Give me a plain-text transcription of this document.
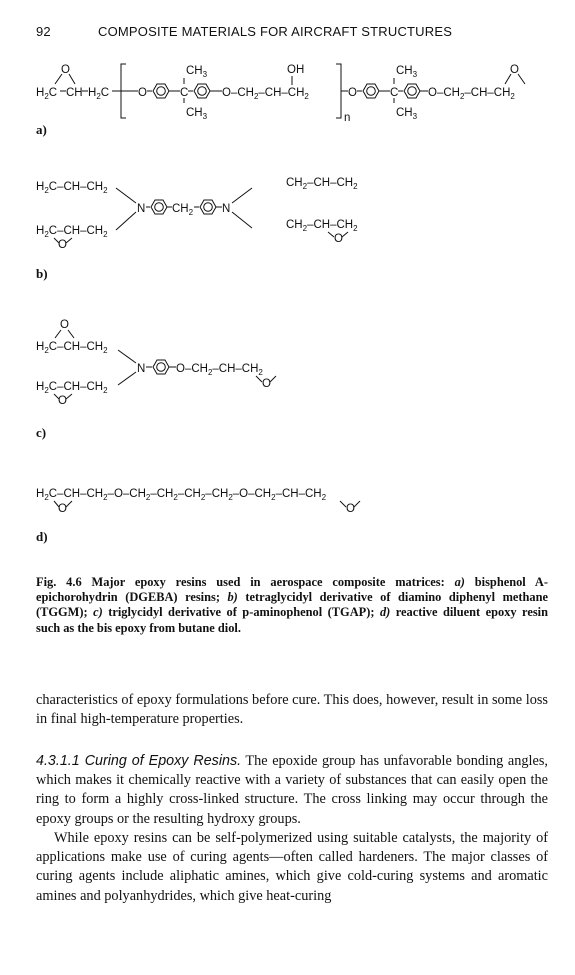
92	COMPOSITE MATERIALS FOR AIRCRAFT STRUCTURES
$H_2C$ CH
O
$H_2C$	O	C
$CH_3$
$CH_3$
$O-CH_2-CH-CH_2$
OH
n
O	C
$CH_3$
$CH_3$
$O-CH_2-CH-CH_2$
O
a)
$H_2C-CH-CH_2$
$H_2C-CH-CH_2$
O
N $CH_2$	N
$CH_2-CH-CH_2$
$CH_2-CH-CH_2$
O
b)
O
$H_2C-CH-CH_2$
$H_2C-CH-CH_2$
O
N	$O-CH_2-CH-CH_2$
O
c)
$H_2C-CH-CH_2-O-CH_2-CH_2-CH_2-CH_2-O-CH_2-CH-CH_2$
O	O
d)
Fig. 4.6 Major epoxy resins used in aerospace composite matrices: a) bisphenol A-epichorohydrin (DGEBA) resins; b) tetraglycidyl derivative of diamino diphenyl methane (TGGM); c) triglycidyl derivative of p-aminophenol (TGAP); d) reactive diluent epoxy resin such as the bis epoxy from butane diol.
characteristics of epoxy formulations before cure. This does, however, result in some loss in final high-temperature properties.
4.3.1.1 Curing of Epoxy Resins. The epoxide group has unfavorable bonding angles, which makes it chemically reactive with a variety of substances that can easily open the ring to form a highly cross-linked structure. The cross linking may occur through the epoxy groups or the resulting hydroxy groups.
While epoxy resins can be self-polymerized using suitable catalysts, the majority of applications make use of curing agents—often called hardeners. The major classes of curing agents include aliphatic amines, which give cold-curing systems and aromatic amines and polyanhydrides, which give heat-curing
